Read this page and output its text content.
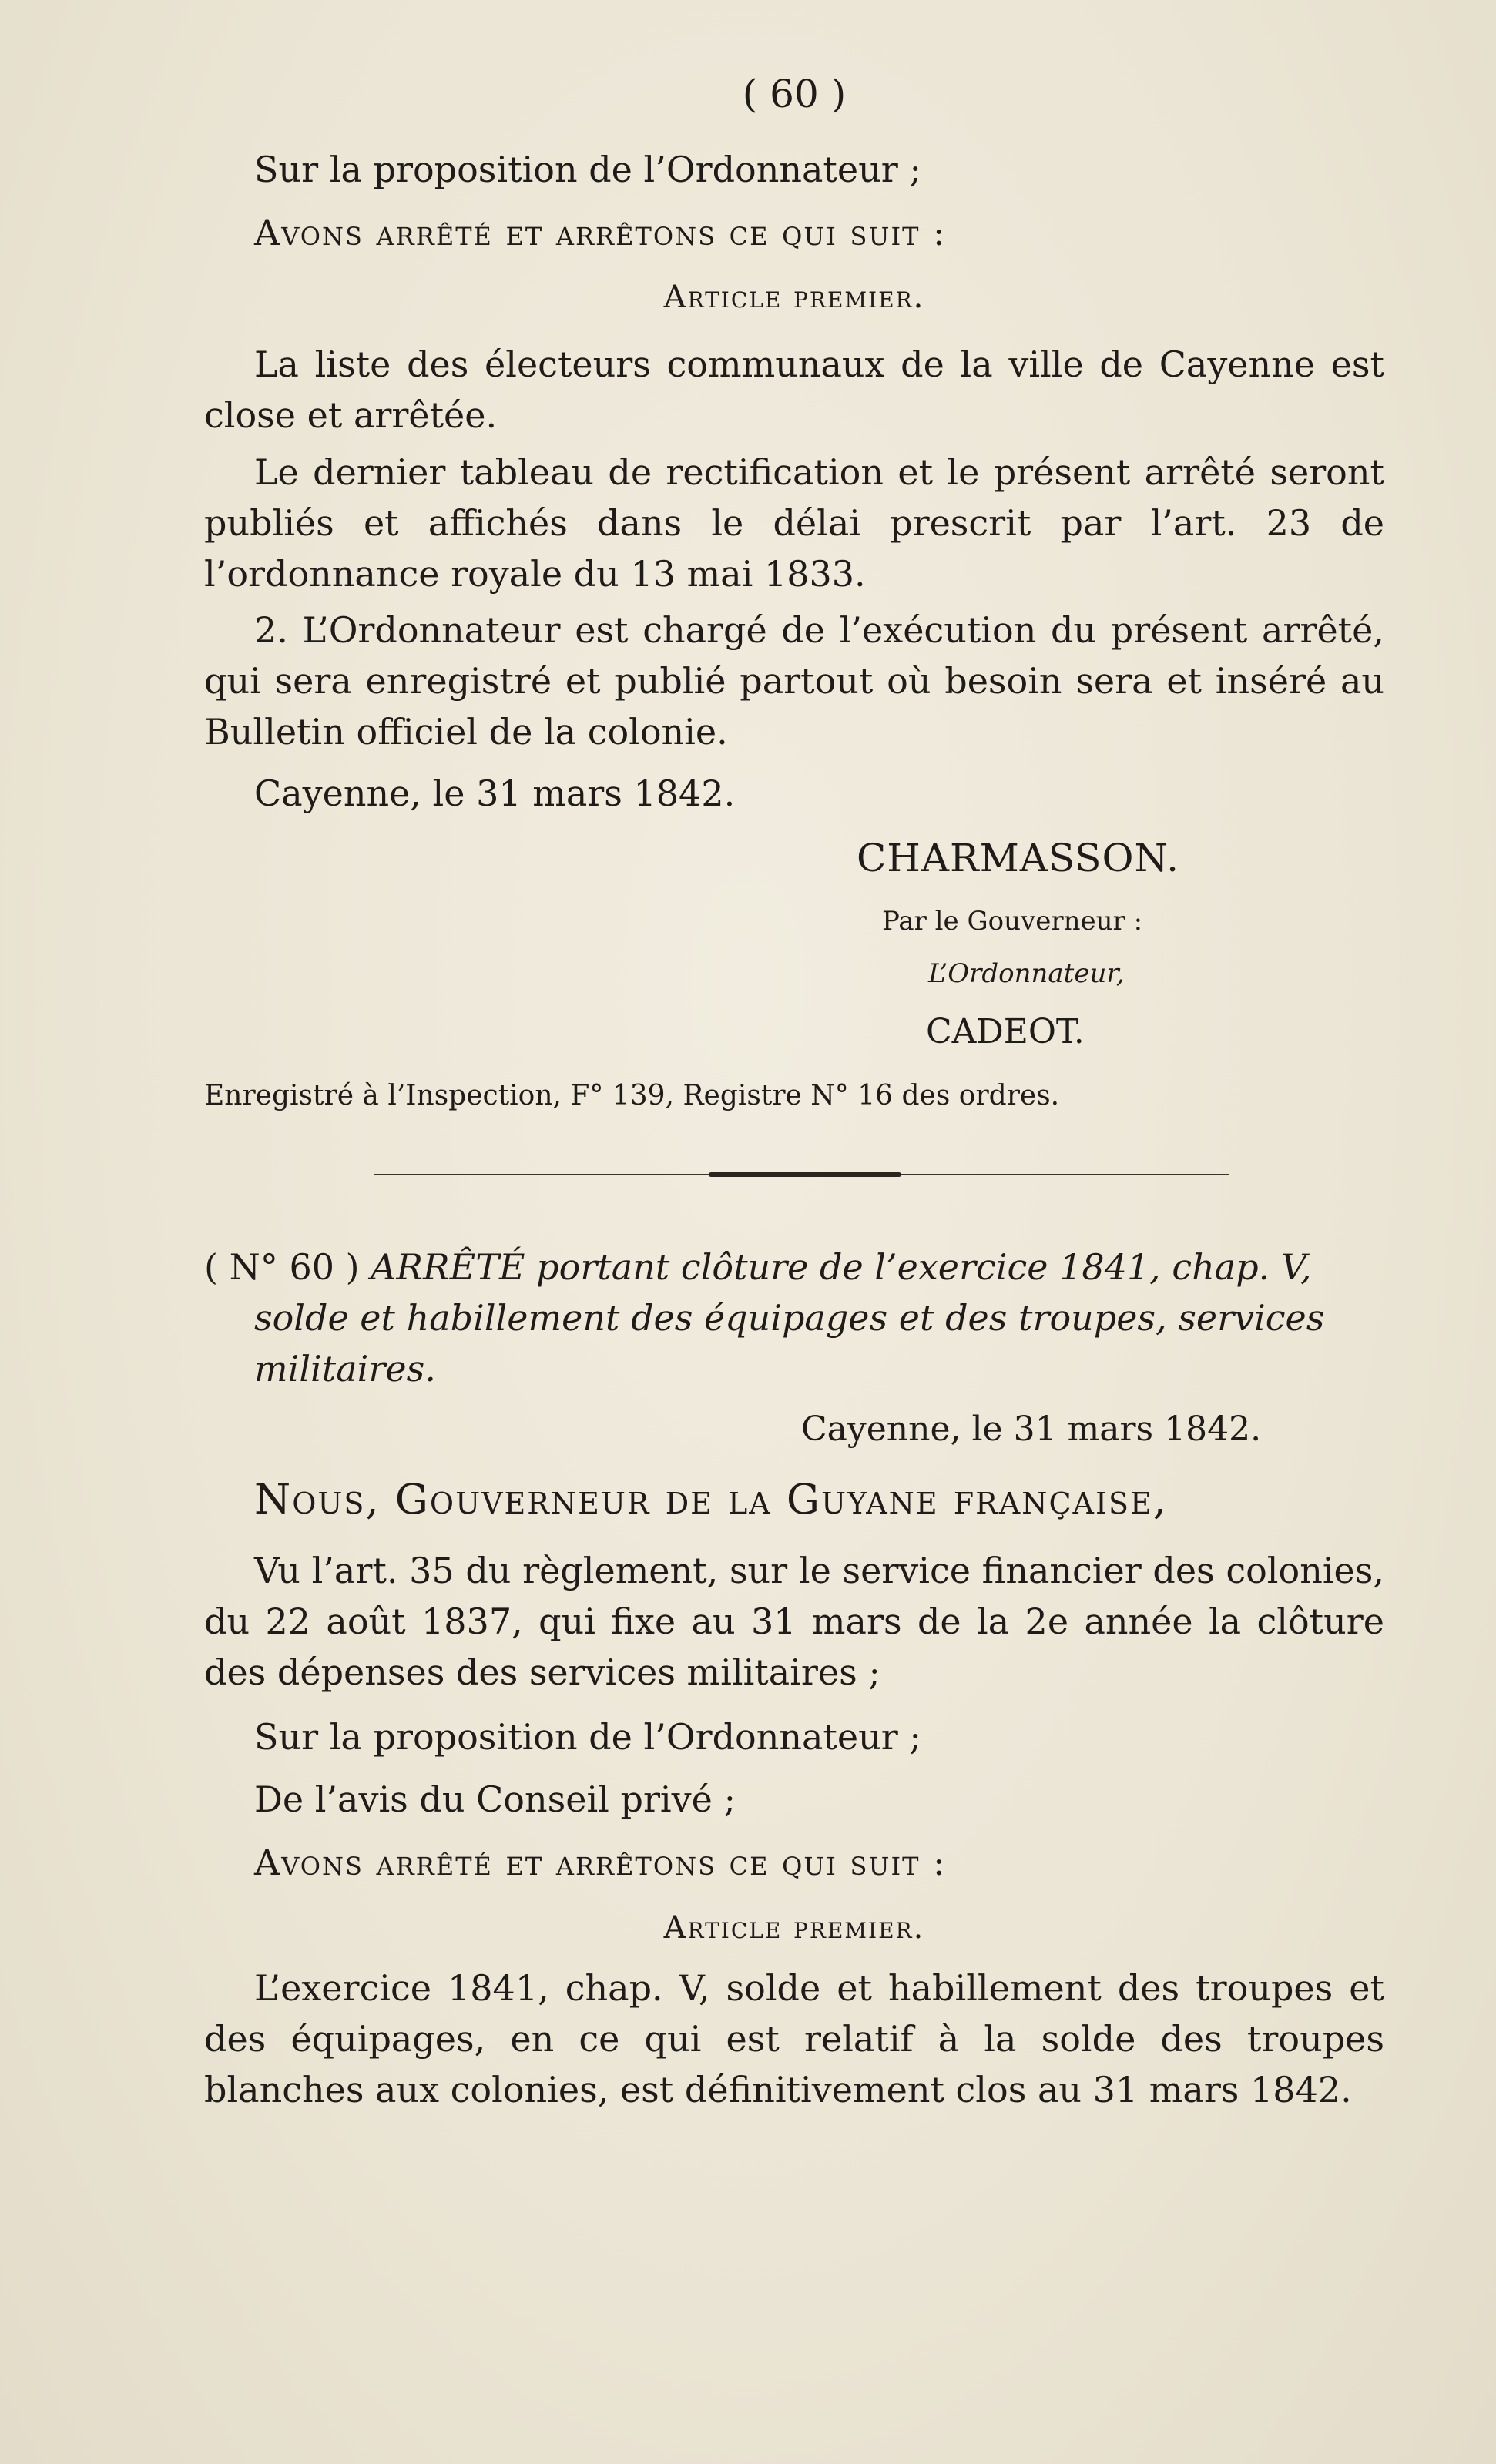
( 60 )
Sur la proposition de l’Ordonnateur ;
Avons arrêté et arrêtons ce qui suit :
Article premier.
La liste des électeurs communaux de la ville de Cayenne est close et arrêtée.
Le dernier tableau de rectification et le présent arrêté seront publiés et affichés dans le délai prescrit par l’art. 23 de l’ordonnance royale du 13 mai 1833.
2. L’Ordonnateur est chargé de l’exécution du présent arrêté, qui sera enregistré et publié partout où besoin sera et inséré au Bulletin officiel de la colonie.
Cayenne, le 31 mars 1842.
CHARMASSON.
Par le Gouverneur :
L’Ordonnateur,
CADEOT.
Enregistré à l’Inspection, F° 139, Registre N° 16 des ordres.
( N° 60 ) ARRÊTÉ portant clôture de l’exercice 1841, chap. V, solde et habillement des équipages et des troupes, services militaires.
Cayenne, le 31 mars 1842.
Nous, Gouverneur de la Guyane française,
Vu l’art. 35 du règlement, sur le service financier des colonies, du 22 août 1837, qui fixe au 31 mars de la 2e année la clôture des dépenses des services militaires ;
Sur la proposition de l’Ordonnateur ;
De l’avis du Conseil privé ;
Avons arrêté et arrêtons ce qui suit :
Article premier.
L’exercice 1841, chap. V, solde et habillement des troupes et des équipages, en ce qui est relatif à la solde des troupes blanches aux colonies, est définitivement clos au 31 mars 1842.
